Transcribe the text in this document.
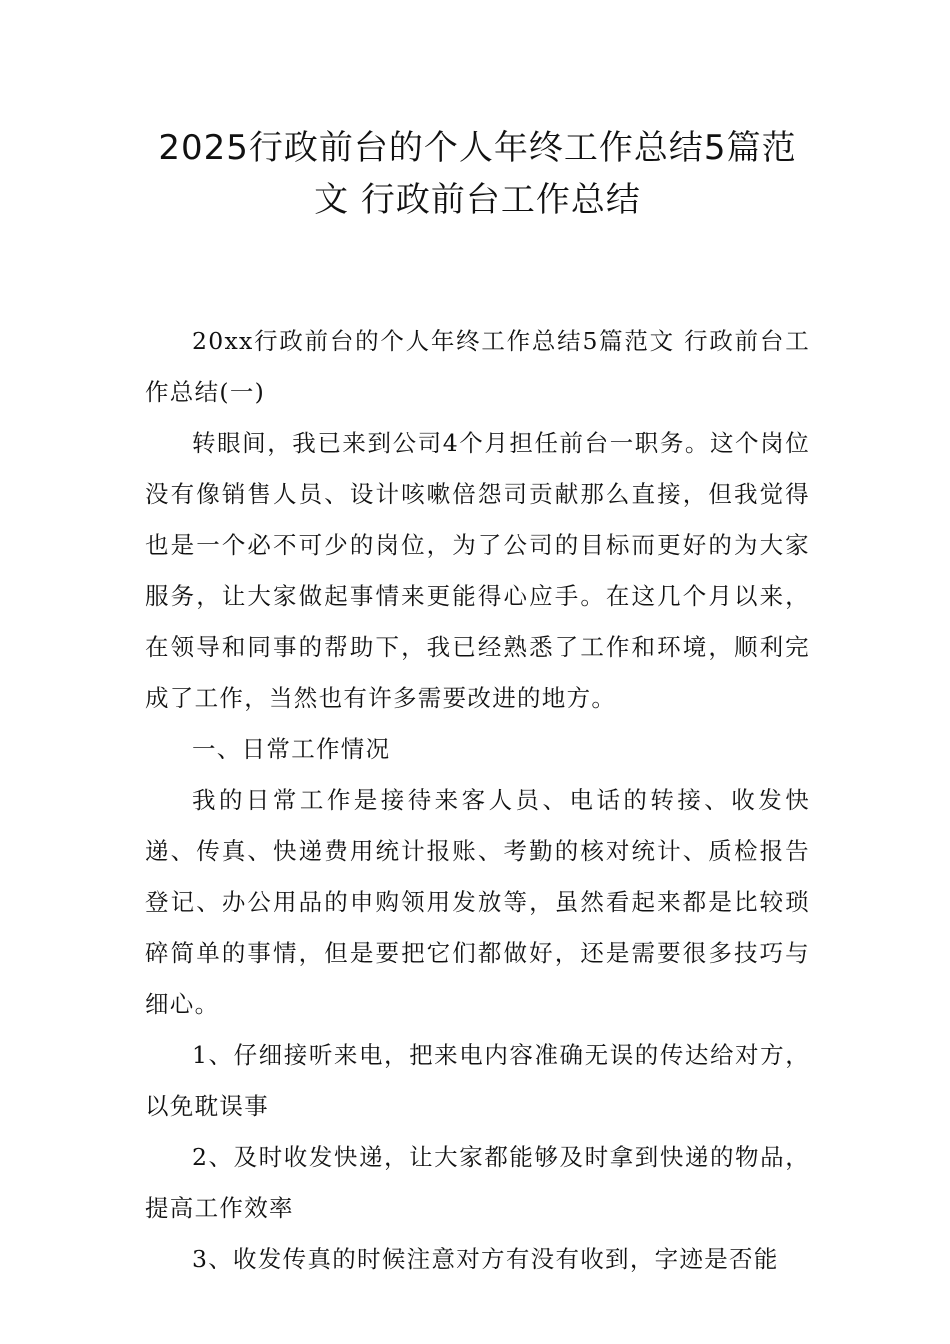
2025行政前台的个人年终工作总结5篇范
文 行政前台工作总结

20xx行政前台的个人年终工作总结5篇范文 行政前台工作总结(一)

转眼间，我已来到公司4个月担任前台一职务。这个岗位没有像销售人员、设计咳嗽倍怨司贡献那么直接，但我觉得也是一个必不可少的岗位，为了公司的目标而更好的为大家服务，让大家做起事情来更能得心应手。在这几个月以来，在领导和同事的帮助下，我已经熟悉了工作和环境，顺利完成了工作，当然也有许多需要改进的地方。

一、日常工作情况

我的日常工作是接待来客人员、电话的转接、收发快递、传真、快递费用统计报账、考勤的核对统计、质检报告登记、办公用品的申购领用发放等，虽然看起来都是比较琐碎简单的事情，但是要把它们都做好，还是需要很多技巧与细心。

1、仔细接听来电，把来电内容准确无误的传达给对方，以免耽误事

2、及时收发快递，让大家都能够及时拿到快递的物品，提高工作效率

3、收发传真的时候注意对方有没有收到，字迹是否能
